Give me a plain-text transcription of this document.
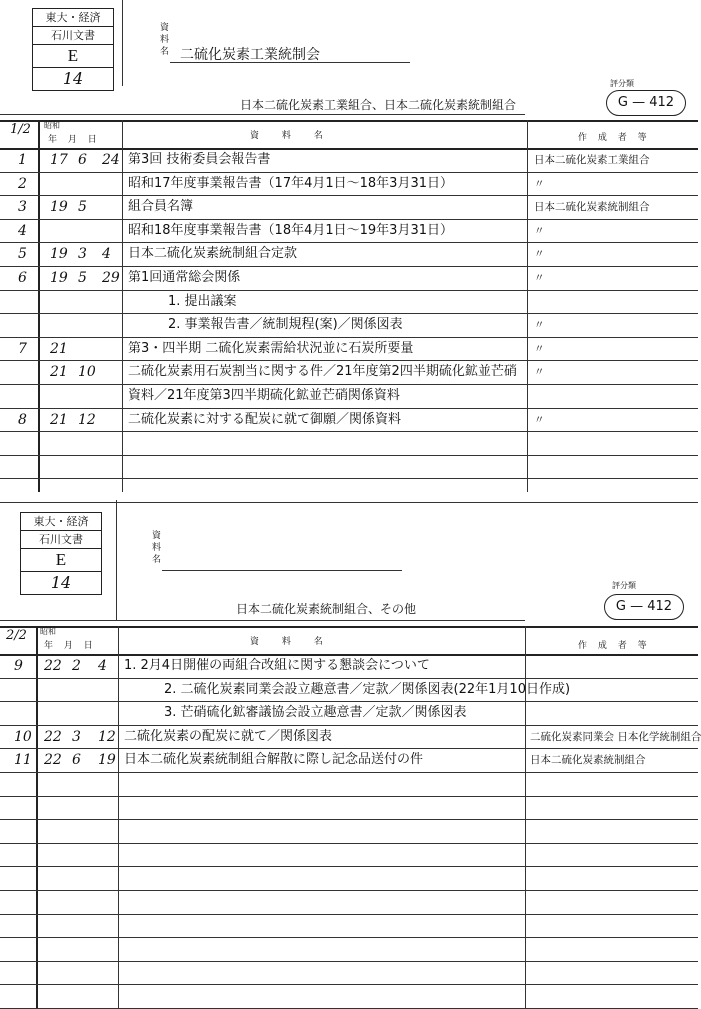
東大・経済
石川文書
E
14
資料名 二硫化炭素工業統制会
評分類
G — 412
日本二硫化炭素工業組合、日本二硫化炭素統制組合
1/2 昭和
年 月 日	資 料 名	作 成 者 等
1 17 6 24 第3回 技術委員会報告書	日本二硫化炭素工業組合
2	昭和17年度事業報告書（17年4月1日～18年3月31日）	〃
3 19 5	組合員名簿	日本二硫化炭素統制組合
4	昭和18年度事業報告書（18年4月1日～19年3月31日）	〃
5 19 3 4 日本二硫化炭素統制組合定款	〃
6 19 5 29 第1回通常総会関係	〃
1. 提出議案
2. 事業報告書／統制規程(案)／関係図表	〃
7 21	第3・四半期 二硫化炭素需給状況並に石炭所要量	〃
21 10 二硫化炭素用石炭割当に関する件／21年度第2四半期硫化鉱並芒硝 〃
資料／21年度第3四半期硫化鉱並芒硝関係資料
8 21 12 二硫化炭素に対する配炭に就て御願／関係資料	〃
東大・経済
石川文書
E
14
資料名
評分類
G — 412
日本二硫化炭素統制組合、その他
2/2 昭和
年 月 日	資 料 名	作 成 者 等
9 22 2 4 1. 2月4日開催の両組合改組に関する懇談会について
2. 二硫化炭素同業会設立趣意書／定款／関係図表(22年1月10日作成)
3. 芒硝硫化鉱審議協会設立趣意書／定款／関係図表
10 22 3 12 二硫化炭素の配炭に就て／関係図表	二硫化炭素同業会 日本化学統制組合
11 22 6 19 日本二硫化炭素統制組合解散に際し記念品送付の件	日本二硫化炭素統制組合
